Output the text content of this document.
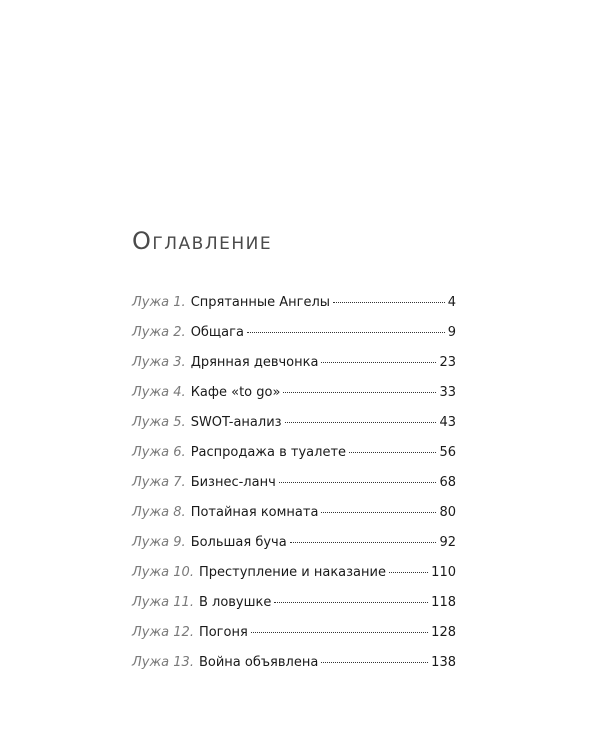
Оглавление
Лужа 1. Спрятанные Ангелы	4
Лужа 2. Общага	9
Лужа 3. Дрянная девчонка	23
Лужа 4. Кафе «to go»	33
Лужа 5. SWOT-анализ	43
Лужа 6. Распродажа в туалете	56
Лужа 7. Бизнес-ланч	68
Лужа 8. Потайная комната	80
Лужа 9. Большая буча	92
Лужа 10. Преступление и наказание	110
Лужа 11. В ловушке	118
Лужа 12. Погоня	128
Лужа 13. Война объявлена	138
